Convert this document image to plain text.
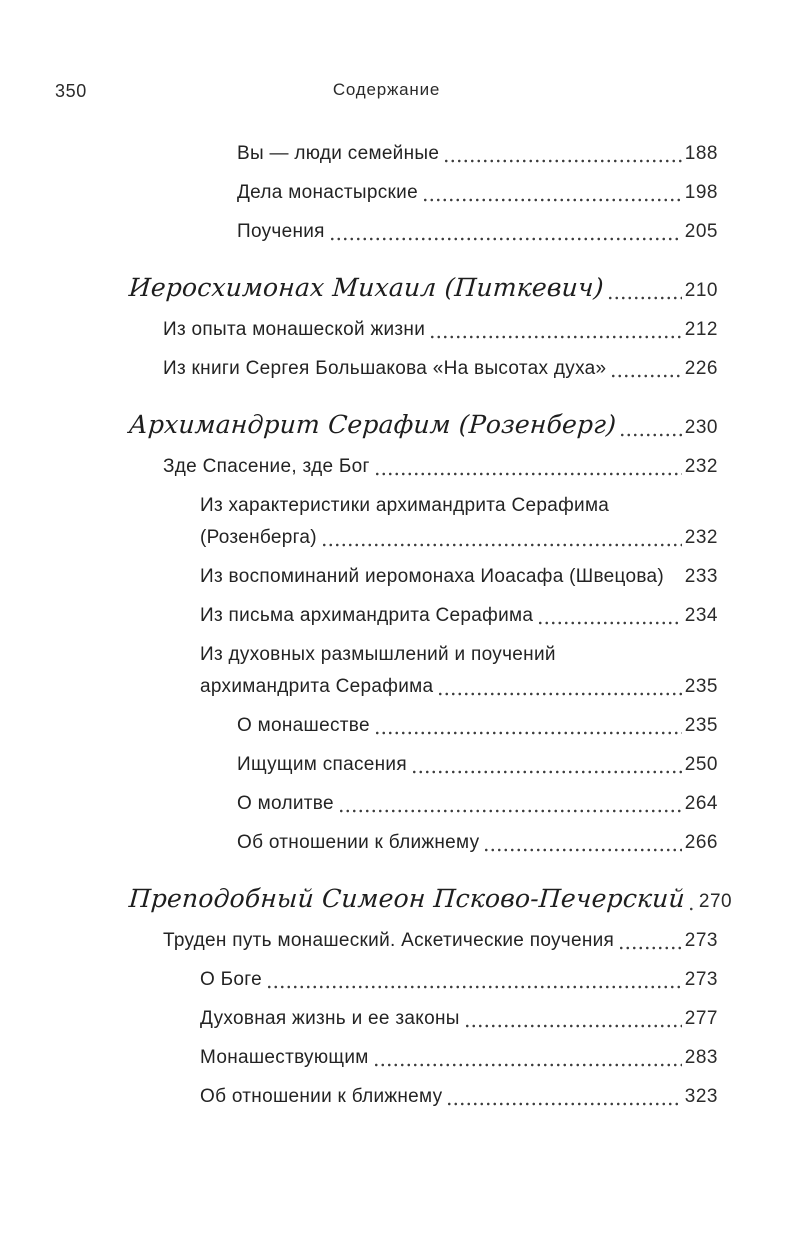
350	Содержание
Вы — люди семейные	188
Дела монастырские	198
Поучения	205
Иеросхимонах Михаил (Питкевич)	210
Из опыта монашеской жизни	212
Из книги Сергея Большакова «На высотах духа»	226
Архимандрит Серафим (Розенберг)	230
Зде Спасение, зде Бог	232
Из характеристики архимандрита Серафима
(Розенберга)	232
Из воспоминаний иеромонаха Иоасафа (Швецова) 233
Из письма архимандрита Серафима	234
Из духовных размышлений и поучений
архимандрита Серафима	235
О монашестве	235
Ищущим спасения	250
О молитве	264
Об отношении к ближнему	266
Преподобный Симеон Псково-Печерский 270
Труден путь монашеский. Аскетические поучения	273
О Боге	273
Духовная жизнь и ее законы	277
Монашествующим	283
Об отношении к ближнему	323
